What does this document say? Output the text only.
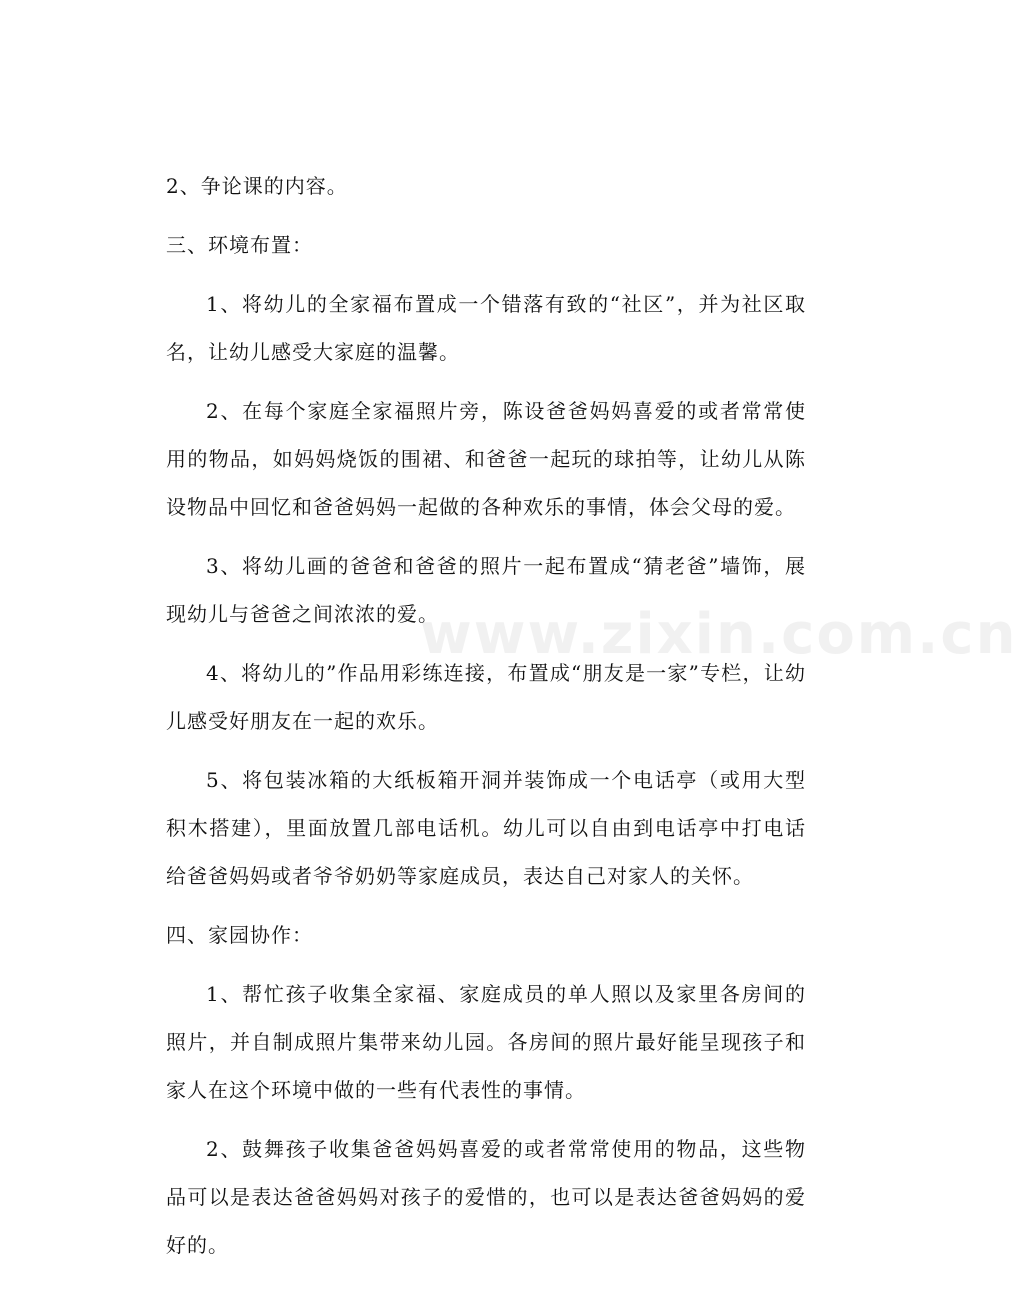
2、争论课的内容。

三、环境布置：

1、将幼儿的全家福布置成一个错落有致的“社区”，并为社区取名，让幼儿感受大家庭的温馨。

2、在每个家庭全家福照片旁，陈设爸爸妈妈喜爱的或者常常使用的物品，如妈妈烧饭的围裙、和爸爸一起玩的球拍等，让幼儿从陈设物品中回忆和爸爸妈妈一起做的各种欢乐的事情，体会父母的爱。

3、将幼儿画的爸爸和爸爸的照片一起布置成“猜老爸”墙饰，展现幼儿与爸爸之间浓浓的爱。

4、将幼儿的”作品用彩练连接，布置成“朋友是一家”专栏，让幼儿感受好朋友在一起的欢乐。

5、将包装冰箱的大纸板箱开洞并装饰成一个电话亭（或用大型积木搭建），里面放置几部电话机。幼儿可以自由到电话亭中打电话给爸爸妈妈或者爷爷奶奶等家庭成员，表达自己对家人的关怀。

四、家园协作：

1、帮忙孩子收集全家福、家庭成员的单人照以及家里各房间的照片，并自制成照片集带来幼儿园。各房间的照片最好能呈现孩子和家人在这个环境中做的一些有代表性的事情。

2、鼓舞孩子收集爸爸妈妈喜爱的或者常常使用的物品，这些物品可以是表达爸爸妈妈对孩子的爱惜的，也可以是表达爸爸妈妈的爱好的。

www.zixin.com.cn
